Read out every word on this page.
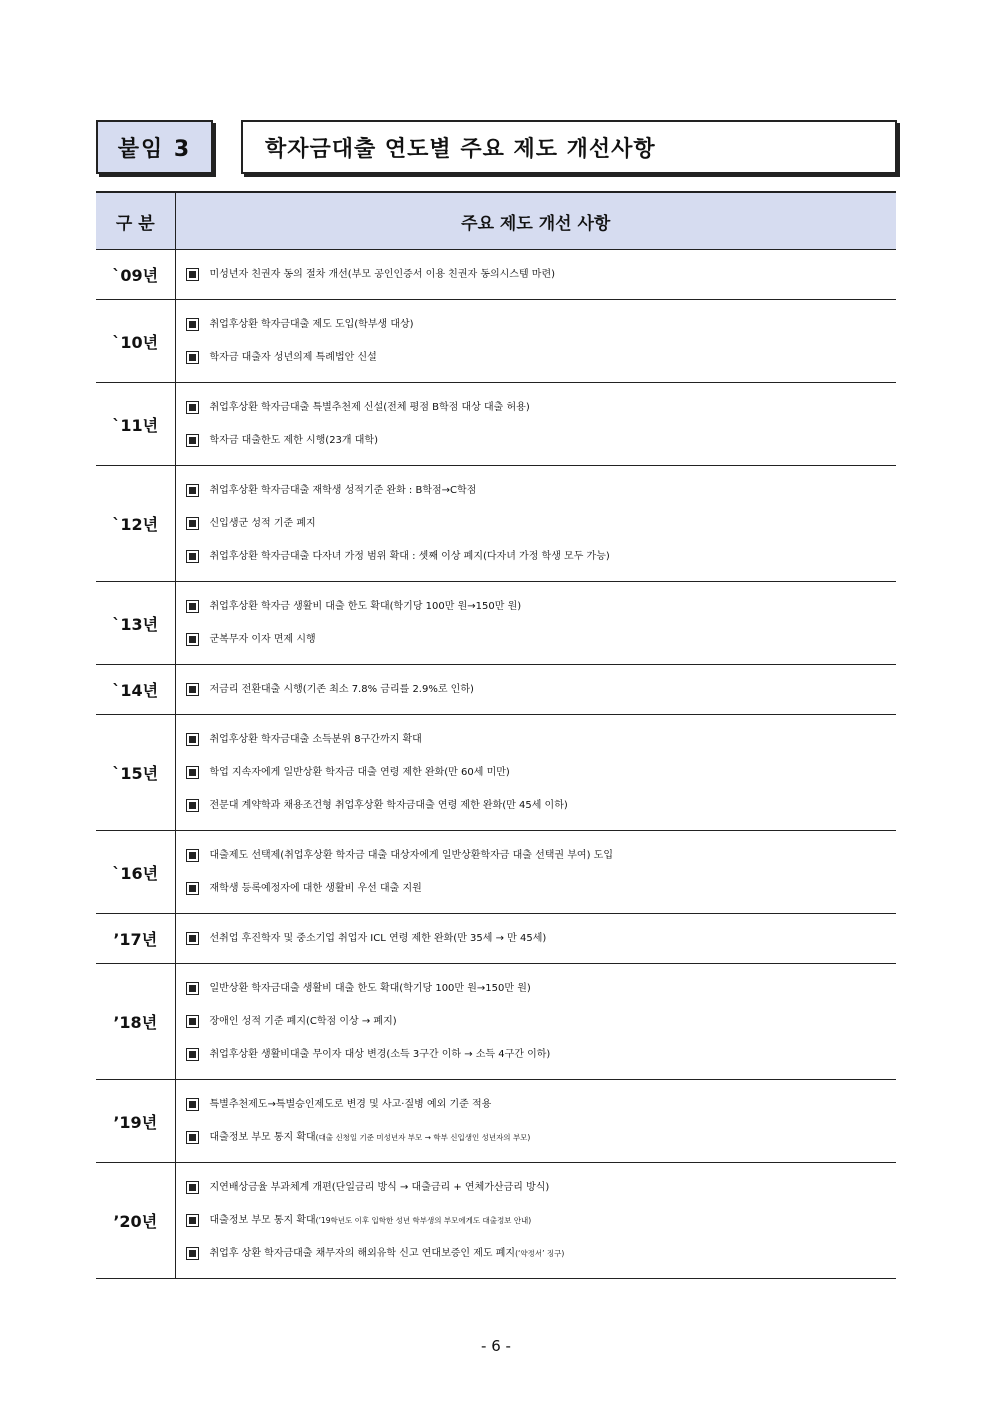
붙임 3	학자금대출 연도별 주요 제도 개선사항
구 분	주요 제도 개선 사항
`09년	미성년자 친권자 동의 절차 개선(부모 공인인증서 이용 친권자 동의시스템 마련)

`10년	취업후상환 학자금대출 제도 도입(학부생 대상)
학자금 대출자 성년의제 특례법안 신설

`11년	취업후상환 학자금대출 특별추천제 신설(전체 평점 B학점 대상 대출 허용)
학자금 대출한도 제한 시행(23개 대학)

`12년	취업후상환 학자금대출 재학생 성적기준 완화 : B학점→C학점
신입생군 성적 기준 폐지
취업후상환 학자금대출 다자녀 가정 범위 확대 : 셋째 이상 폐지(다자녀 가정 학생 모두 가능)

`13년	취업후상환 학자금 생활비 대출 한도 확대(학기당 100만 원→150만 원)
군복무자 이자 면제 시행

`14년	저금리 전환대출 시행(기존 최소 7.8% 금리를 2.9%로 인하)

`15년	취업후상환 학자금대출 소득분위 8구간까지 확대
학업 지속자에게 일반상환 학자금 대출 연령 제한 완화(만 60세 미만)
전문대 계약학과 채용조건형 취업후상환 학자금대출 연령 제한 완화(만 45세 이하)

`16년	대출제도 선택제(취업후상환 학자금 대출 대상자에게 일반상환학자금 대출 선택권 부여) 도입
재학생 등록예정자에 대한 생활비 우선 대출 지원

’17년	선취업 후진학자 및 중소기업 취업자 ICL 연령 제한 완화(만 35세 → 만 45세)

’18년	일반상환 학자금대출 생활비 대출 한도 확대(학기당 100만 원→150만 원)
장애인 성적 기준 폐지(C학점 이상 → 폐지)
취업후상환 생활비대출 무이자 대상 변경(소득 3구간 이하 → 소득 4구간 이하)

’19년	특별추천제도→특별승인제도로 변경 및 사고·질병 예외 기준 적용
대출정보 부모 통지 확대 (대출 신청일 기준 미성년자 부모 → 학부 신입생인 성년자의 부모)

’20년	지연배상금율 부과체계 개편(단일금리 방식 → 대출금리 + 연체가산금리 방식)
대출정보 부모 통지 확대 (’19학년도 이후 입학한 성년 학부생의 부모에게도 대출정보 안내)
취업후 상환 학자금대출 채무자의 해외유학 신고 연대보증인 제도 폐지 (‘약정서’ 징구)
- 6 -
